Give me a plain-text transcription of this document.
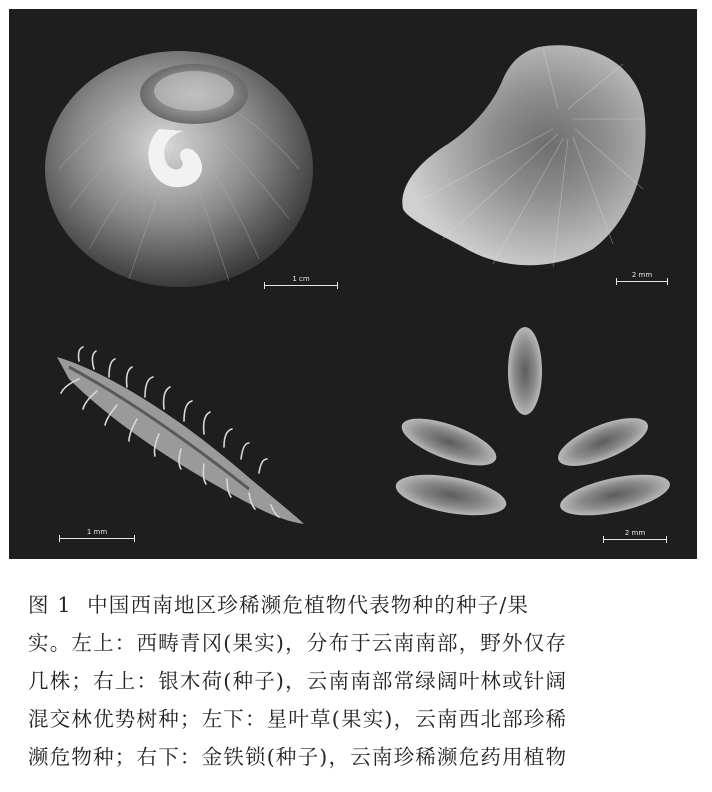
1 cm	2 mm
1 mm	2 mm
图 1  中国西南地区珍稀濒危植物代表物种的种子/果
实。左上：西畴青冈(果实)，分布于云南南部，野外仅存
几株；右上：银木荷(种子)，云南南部常绿阔叶林或针阔
混交林优势树种；左下：星叶草(果实)，云南西北部珍稀
濒危物种；右下：金铁锁(种子)，云南珍稀濒危药用植物
